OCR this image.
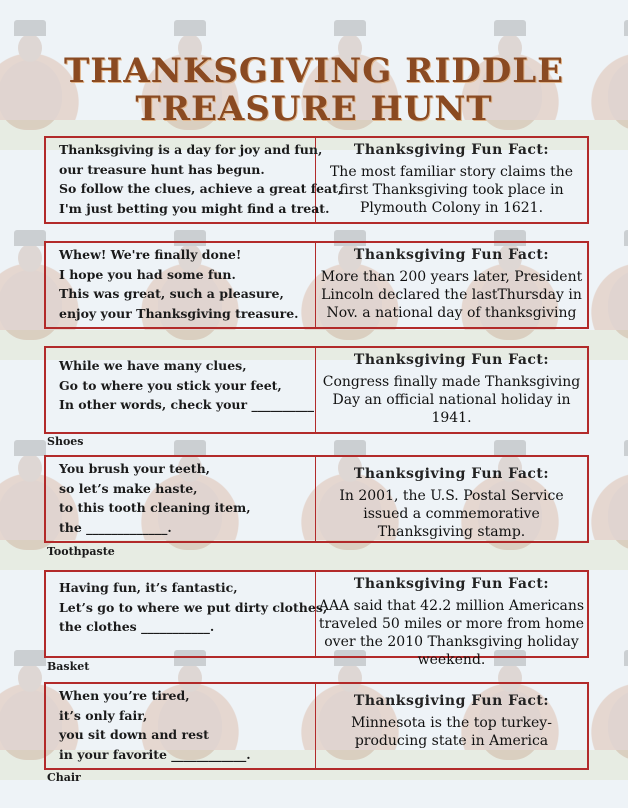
THANKSGIVING RIDDLE
TREASURE HUNT
Thanksgiving is a day for joy and fun,
our treasure hunt has begun.
So follow the clues, achieve a great feat,
I'm just betting you might find a treat.
Thanksgiving Fun Fact:
The most familiar story claims the first Thanksgiving took place in Plymouth Colony in 1621.
Whew! We're finally done!
I hope you had some fun.
This was great, such a pleasure,
enjoy your Thanksgiving treasure.
Thanksgiving Fun Fact:
More than 200 years later, President Lincoln declared the lastThursday in Nov. a national day of thanksgiving
While we have many clues,
Go to where you stick your feet,
In other words, check your __________
Thanksgiving Fun Fact:
Congress finally made Thanksgiving Day an official national holiday in 1941.
Shoes
You brush your teeth,
so let’s make haste,
to this tooth cleaning item,
the _____________.
Thanksgiving Fun Fact:
In 2001, the U.S. Postal Service issued a commemorative Thanksgiving stamp.
Toothpaste
Having fun, it’s fantastic,
Let’s go to where we put dirty clothes,
the clothes ___________.
Thanksgiving Fun Fact:
AAA said that 42.2 million Americans traveled 50 miles or more from home over the 2010 Thanksgiving holiday weekend.
Basket
When you’re tired,
it’s only fair,
you sit down and rest
in your favorite ____________.
Thanksgiving Fun Fact:
Minnesota is the top turkey-producing state in America
Chair
